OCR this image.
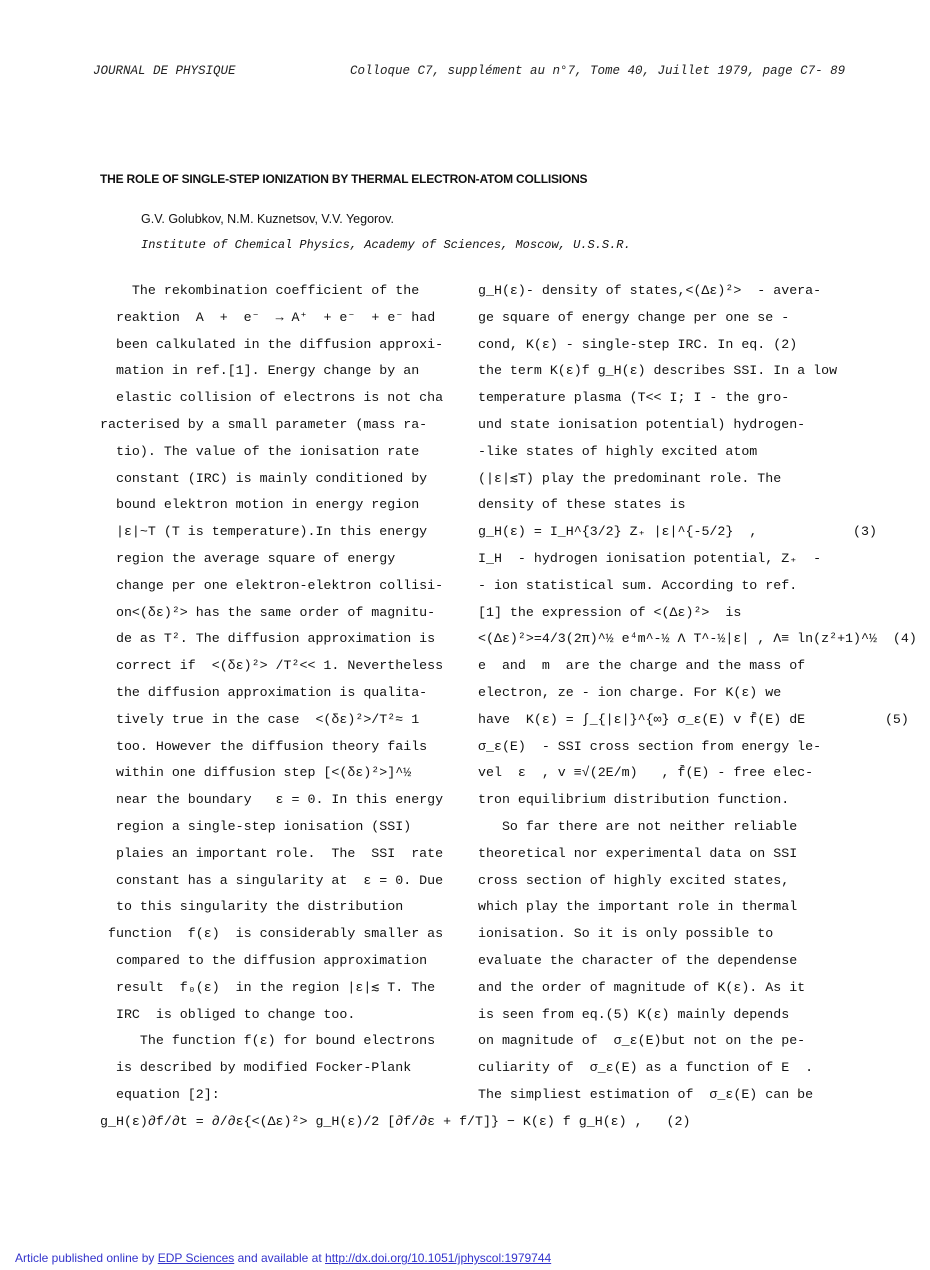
JOURNAL DE PHYSIQUE	Colloque C7, supplément au n°7, Tome 40, Juillet 1979, page C7- 89
THE ROLE OF SINGLE-STEP IONIZATION BY THERMAL ELECTRON-ATOM COLLISIONS
G.V. Golubkov, N.M. Kuznetsov, V.V. Yegorov.
Institute of Chemical Physics, Academy of Sciences, Moscow, U.S.S.R.
The rekombination coefficient of the
reaktion  A  +  e⁻  → A⁺  + e⁻  + e⁻ had
been calkulated in the diffusion approxi-
mation in ref.[1]. Energy change by an
elastic collision of electrons is not cha
racterised by a small parameter (mass ra-
tio). The value of the ionisation rate
constant (IRC) is mainly conditioned by
bound elektron motion in energy region
|ε|~T (T is temperature).In this energy
region the average square of energy
change per one elektron-elektron collisi-
on<(δε)²> has the same order of magnitu-
de as T². The diffusion approximation is
correct if  <(δε)²> /T²<< 1. Nevertheless
the diffusion approximation is qualita-
tively true in the case  <(δε)²>/T²≈ 1
too. However the diffusion theory fails
within one diffusion step [<(δε)²>]^½
near the boundary   ε = 0. In this energy
region a single-step ionisation (SSI)
plaies an important role.  The  SSI  rate
constant has a singularity at  ε = 0. Due
to this singularity the distribution
function  f(ε)  is considerably smaller as
compared to the diffusion approximation
result  f₀(ε)  in the region |ε|≲ T. The
IRC  is obliged to change too.
The function f(ε) for bound electrons
is described by modified Focker-Plank
equation [2]:
g_H(ε)∂f/∂t = ∂/∂ε{<(Δε)²> g_H(ε)/2 [∂f/∂ε + f/T]} − K(ε) f g_H(ε) ,   (2)
g_H(ε)- density of states,<(Δε)²>  - avera-
ge square of energy change per one se -
cond, K(ε) - single-step IRC. In eq. (2)
the term K(ε)f g_H(ε) describes SSI. In a low
temperature plasma (T<< I; I - the gro-
und state ionisation potential) hydrogen-
-like states of highly excited atom
(|ε|≲T) play the predominant role. The
density of these states is
g_H(ε) = I_H^{3/2} Z₊ |ε|^{-5/2}  ,            (3)
I_H  - hydrogen ionisation potential, Z₊  -
- ion statistical sum. According to ref.
[1] the expression of <(Δε)²>  is
<(Δε)²>=4/3(2π)^½ e⁴m^-½ Λ T^-½|ε| , Λ≡ ln(z²+1)^½  (4)
e  and  m  are the charge and the mass of
electron, ze - ion charge. For K(ε) we
have  K(ε) = ∫_{|ε|}^{∞} σ_ε(E) v f̄(E) dE          (5)
σ_ε(E)  - SSI cross section from energy le-
vel  ε  , v ≡√(2E/m)   , f̄(E) - free elec-
tron equilibrium distribution function.
So far there are not neither reliable
theoretical nor experimental data on SSI
cross section of highly excited states,
which play the important role in thermal
ionisation. So it is only possible to
evaluate the character of the dependense
and the order of magnitude of K(ε). As it
is seen from eq.(5) K(ε) mainly depends
on magnitude of  σ_ε(E)but not on the pe-
culiarity of  σ_ε(E) as a function of E  .
The simpliest estimation of  σ_ε(E) can be
Article published online by EDP Sciences and available at http://dx.doi.org/10.1051/jphyscol:1979744
